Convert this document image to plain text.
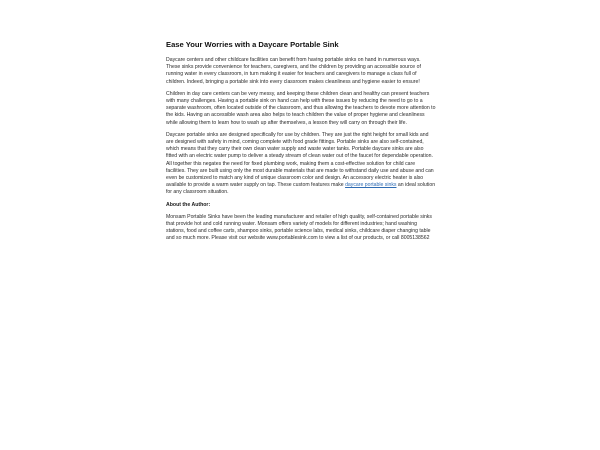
Ease Your Worries with a Daycare Portable Sink

Daycare centers and other childcare facilities can benefit from having portable sinks on hand in numerous ways. These sinks provide convenience for teachers, caregivers, and the children by providing an accessible source of running water in every classroom, in turn making it easier for teachers and caregivers to manage a class full of children. Indeed, bringing a portable sink into every classroom makes cleanliness and hygiene easier to ensure!

Children in day care centers can be very messy, and keeping these children clean and healthy can present teachers with many challenges. Having a portable sink on hand can help with these issues by reducing the need to go to a separate washroom, often located outside of the classroom, and thus allowing the teachers to devote more attention to the kids. Having an accessible wash area also helps to teach children the value of proper hygiene and cleanliness while allowing them to learn how to wash up after themselves, a lesson they will carry on through their life.

Daycare portable sinks are designed specifically for use by children. They are just the right height for small kids and are designed with safety in mind, coming complete with food grade fittings. Portable sinks are also self-contained, which means that they carry their own clean water supply and waste water tanks. Portable daycare sinks are also fitted with an electric water pump to deliver a steady stream of clean water out of the faucet for dependable operation. All together this negates the need for fixed plumbing work, making them a cost-effective solution for child care facilities. They are built using only the most durable materials that are made to withstand daily use and abuse and can even be customized to match any kind of unique classroom color and design. An accessory electric heater is also available to provide a warm water supply on tap. These custom features make daycare portable sinks an ideal solution for any classroom situation.

About the Author:

Monsam Portable Sinks have been the leading manufacturer and retailer of high quality, self-contained portable sinks that provide hot and cold running water. Monsam offers variety of models for different industries; hand washing stations, food and coffee carts, shampoo sinks, portable science labs, medical sinks, childcare diaper changing table and so much more. Please visit our website www.portablesink.com to view a list of our products, or call 8005138562
